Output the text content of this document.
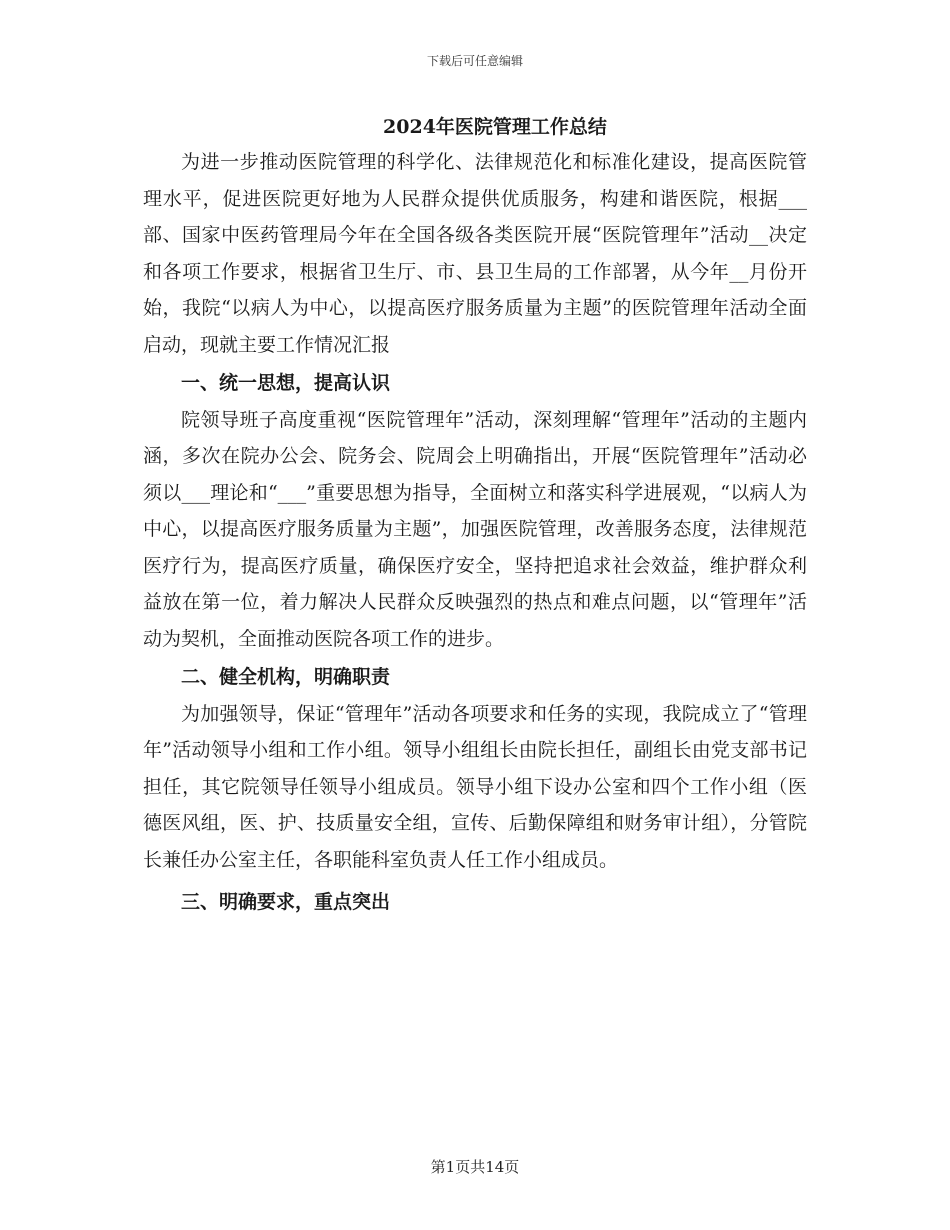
下载后可任意编辑
2024年医院管理工作总结

为进一步推动医院管理的科学化、法律规范化和标准化建设，提高医院管理水平，促进医院更好地为人民群众提供优质服务，构建和谐医院，根据___部、国家中医药管理局今年在全国各级各类医院开展“医院管理年”活动__决定和各项工作要求，根据省卫生厅、市、县卫生局的工作部署，从今年__月份开始，我院“以病人为中心，以提高医疗服务质量为主题”的医院管理年活动全面启动，现就主要工作情况汇报

一、统一思想，提高认识

院领导班子高度重视“医院管理年”活动，深刻理解“管理年”活动的主题内涵，多次在院办公会、院务会、院周会上明确指出，开展“医院管理年”活动必须以___理论和“___”重要思想为指导，全面树立和落实科学进展观，“以病人为中心，以提高医疗服务质量为主题”，加强医院管理，改善服务态度，法律规范医疗行为，提高医疗质量，确保医疗安全，坚持把追求社会效益，维护群众利益放在第一位，着力解决人民群众反映强烈的热点和难点问题，以“管理年”活动为契机，全面推动医院各项工作的进步。

二、健全机构，明确职责

为加强领导，保证“管理年”活动各项要求和任务的实现，我院成立了“管理年”活动领导小组和工作小组。领导小组组长由院长担任，副组长由党支部书记担任，其它院领导任领导小组成员。领导小组下设办公室和四个工作小组（医德医风组，医、护、技质量安全组，宣传、后勤保障组和财务审计组），分管院长兼任办公室主任，各职能科室负责人任工作小组成员。

三、明确要求，重点突出
第1页共14页
